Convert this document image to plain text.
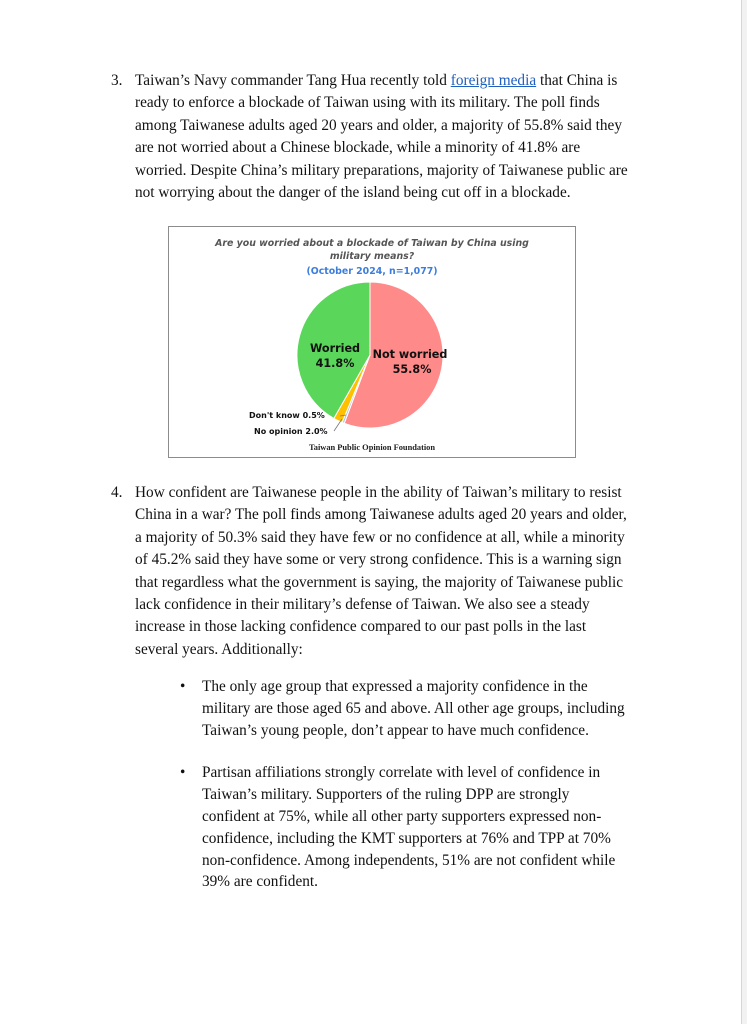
3. Taiwan’s Navy commander Tang Hua recently told foreign media that China is ready to enforce a blockade of Taiwan using with its military. The poll finds among Taiwanese adults aged 20 years and older, a majority of 55.8% said they are not worried about a Chinese blockade, while a minority of 41.8% are worried. Despite China’s military preparations, majority of Taiwanese public are not worrying about the danger of the island being cut off in a blockade.
Are you worried about a blockade of Taiwan by China using
military means?
(October 2024, n=1,077)
Worried
41.8%
Not worried
55.8%
Don't know 0.5%
No opinion 2.0%
Taiwan Public Opinion Foundation
4. How confident are Taiwanese people in the ability of Taiwan’s military to resist China in a war? The poll finds among Taiwanese adults aged 20 years and older, a majority of 50.3% said they have few or no confidence at all, while a minority of 45.2% said they have some or very strong confidence. This is a warning sign that regardless what the government is saying, the majority of Taiwanese public lack confidence in their military’s defense of Taiwan. We also see a steady increase in those lacking confidence compared to our past polls in the last several years. Additionally:
• The only age group that expressed a majority confidence in the military are those aged 65 and above. All other age groups, including Taiwan’s young people, don’t appear to have much confidence.
• Partisan affiliations strongly correlate with level of confidence in Taiwan’s military. Supporters of the ruling DPP are strongly confident at 75%, while all other party supporters expressed non-confidence, including the KMT supporters at 76% and TPP at 70% non-confidence. Among independents, 51% are not confident while 39% are confident.
